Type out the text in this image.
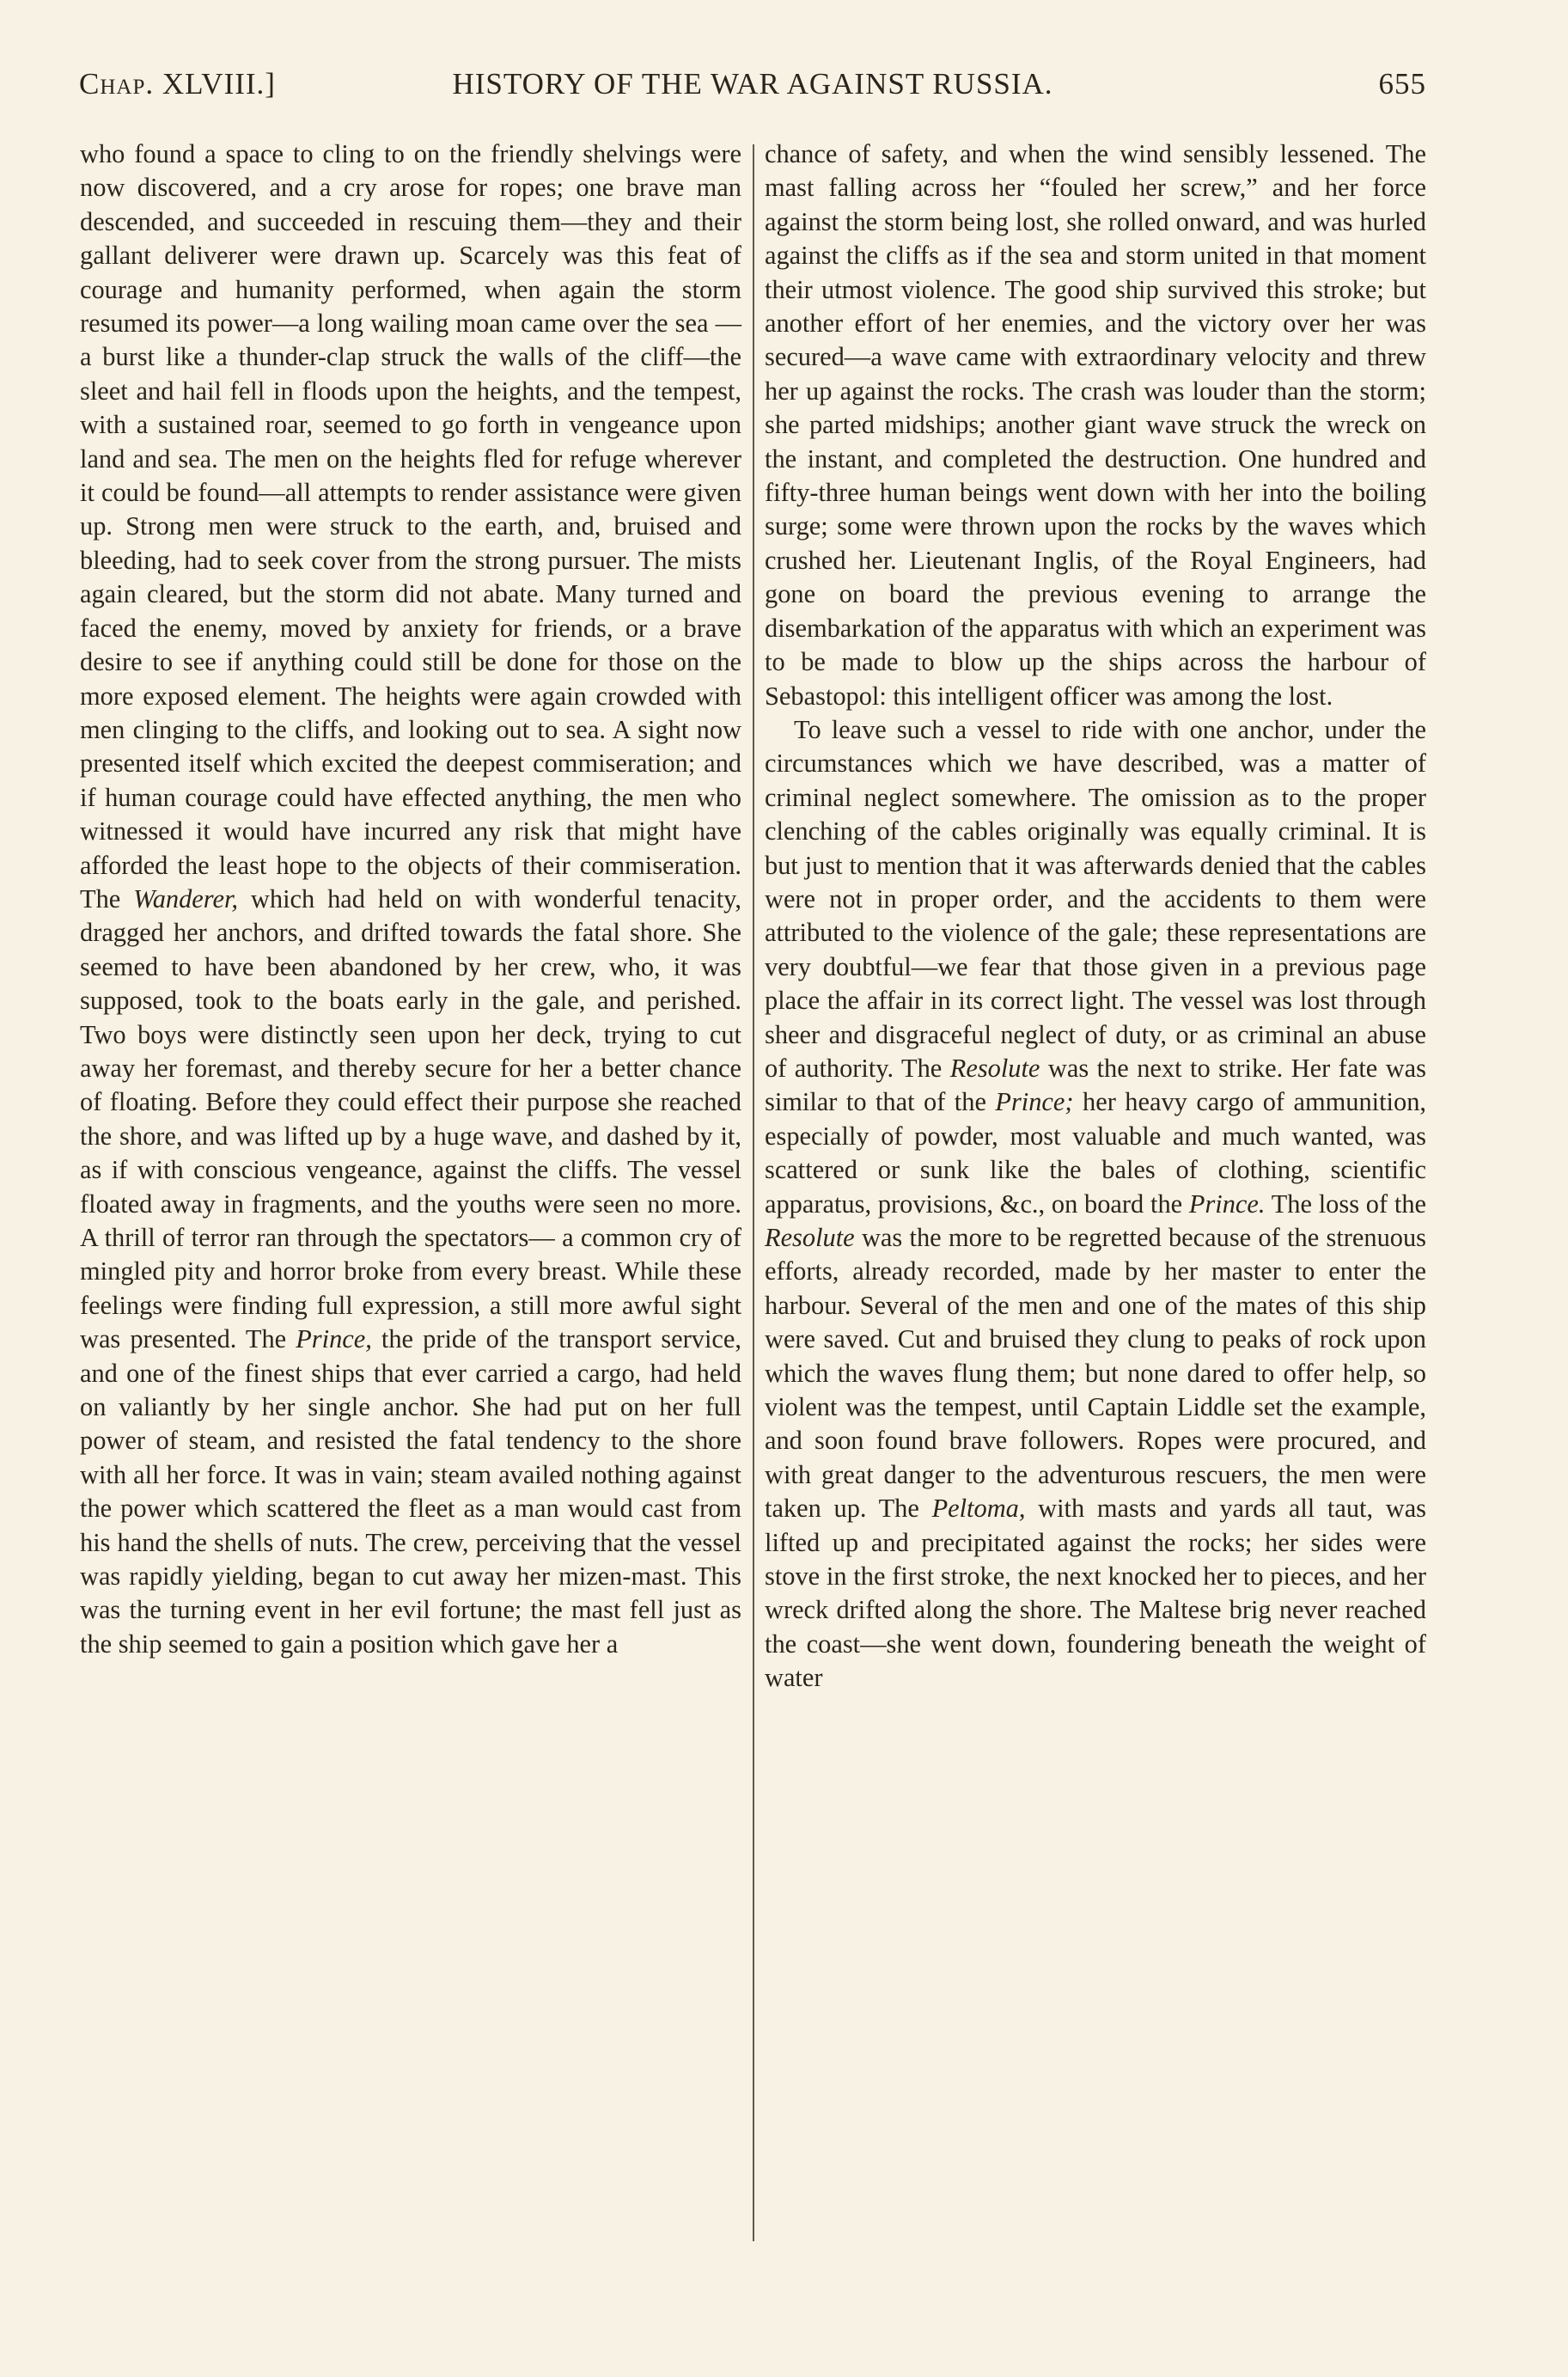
Chap. XLVIII.]	HISTORY OF THE WAR AGAINST RUSSIA.	655

who found a space to cling to on the friendly shelvings were now discovered, and a cry arose for ropes; one brave man descended, and succeeded in rescuing them—they and their gallant deliverer were drawn up. Scarcely was this feat of courage and humanity performed, when again the storm resumed its power—a long wailing moan came over the sea —a burst like a thunder-clap struck the walls of the cliff—the sleet and hail fell in floods upon the heights, and the tempest, with a sustained roar, seemed to go forth in vengeance upon land and sea. The men on the heights fled for refuge wherever it could be found—all attempts to render assistance were given up. Strong men were struck to the earth, and, bruised and bleeding, had to seek cover from the strong pursuer. The mists again cleared, but the storm did not abate. Many turned and faced the enemy, moved by anxiety for friends, or a brave desire to see if anything could still be done for those on the more exposed element. The heights were again crowded with men clinging to the cliffs, and looking out to sea. A sight now presented itself which excited the deepest commiseration; and if human courage could have effected anything, the men who witnessed it would have incurred any risk that might have afforded the least hope to the objects of their commiseration. The Wanderer, which had held on with wonderful tenacity, dragged her anchors, and drifted towards the fatal shore. She seemed to have been abandoned by her crew, who, it was supposed, took to the boats early in the gale, and perished. Two boys were distinctly seen upon her deck, trying to cut away her foremast, and thereby secure for her a better chance of floating. Before they could effect their purpose she reached the shore, and was lifted up by a huge wave, and dashed by it, as if with conscious vengeance, against the cliffs. The vessel floated away in fragments, and the youths were seen no more. A thrill of terror ran through the spectators— a common cry of mingled pity and horror broke from every breast. While these feelings were finding full expression, a still more awful sight was presented. The Prince, the pride of the transport service, and one of the finest ships that ever carried a cargo, had held on valiantly by her single anchor. She had put on her full power of steam, and resisted the fatal tendency to the shore with all her force. It was in vain; steam availed nothing against the power which scattered the fleet as a man would cast from his hand the shells of nuts. The crew, perceiving that the vessel was rapidly yielding, began to cut away her mizen-mast. This was the turning event in her evil fortune; the mast fell just as the ship seemed to gain a position which gave her a

chance of safety, and when the wind sensibly lessened. The mast falling across her “fouled her screw,” and her force against the storm being lost, she rolled onward, and was hurled against the cliffs as if the sea and storm united in that moment their utmost violence. The good ship survived this stroke; but another effort of her enemies, and the victory over her was secured—a wave came with extraordinary velocity and threw her up against the rocks. The crash was louder than the storm; she parted midships; another giant wave struck the wreck on the instant, and completed the destruction. One hundred and fifty-three human beings went down with her into the boiling surge; some were thrown upon the rocks by the waves which crushed her. Lieutenant Inglis, of the Royal Engineers, had gone on board the previous evening to arrange the disembarkation of the apparatus with which an experiment was to be made to blow up the ships across the harbour of Sebastopol: this intelligent officer was among the lost.

To leave such a vessel to ride with one anchor, under the circumstances which we have described, was a matter of criminal neglect somewhere. The omission as to the proper clenching of the cables originally was equally criminal. It is but just to mention that it was afterwards denied that the cables were not in proper order, and the accidents to them were attributed to the violence of the gale; these representations are very doubtful—we fear that those given in a previous page place the affair in its correct light. The vessel was lost through sheer and disgraceful neglect of duty, or as criminal an abuse of authority. The Resolute was the next to strike. Her fate was similar to that of the Prince; her heavy cargo of ammunition, especially of powder, most valuable and much wanted, was scattered or sunk like the bales of clothing, scientific apparatus, provisions, &c., on board the Prince. The loss of the Resolute was the more to be regretted because of the strenuous efforts, already recorded, made by her master to enter the harbour. Several of the men and one of the mates of this ship were saved. Cut and bruised they clung to peaks of rock upon which the waves flung them; but none dared to offer help, so violent was the tempest, until Captain Liddle set the example, and soon found brave followers. Ropes were procured, and with great danger to the adventurous rescuers, the men were taken up. The Peltoma, with masts and yards all taut, was lifted up and precipitated against the rocks; her sides were stove in the first stroke, the next knocked her to pieces, and her wreck drifted along the shore. The Maltese brig never reached the coast—she went down, foundering beneath the weight of water
